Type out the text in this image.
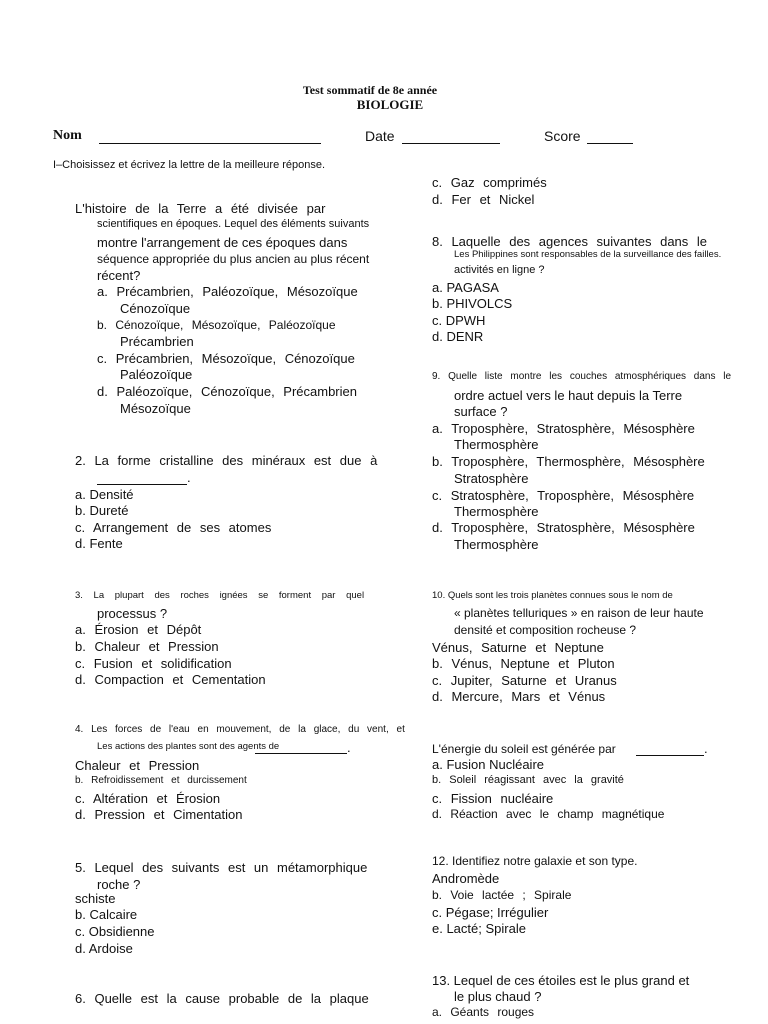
Test sommatif de 8e année
BIOLOGIE
Nom	Date	Score
I–Choisissez et écrivez la lettre de la meilleure réponse.
L'histoire de la Terre a été divisée par
scientifiques en époques. Lequel des éléments suivants
montre l'arrangement de ces époques dans
séquence appropriée du plus ancien au plus récent
récent?
a. Précambrien, Paléozoïque, Mésozoïque
Cénozoïque
b. Cénozoïque, Mésozoïque, Paléozoïque
Précambrien
c. Précambrien, Mésozoïque, Cénozoïque
Paléozoïque
d. Paléozoïque, Cénozoïque, Précambrien
Mésozoïque
2. La forme cristalline des minéraux est due à
.
a. Densité
b. Dureté
c. Arrangement de ses atomes
d. Fente
3. La plupart des roches ignées se forment par quel
processus ?
a. Érosion et Dépôt
b. Chaleur et Pression
c. Fusion et solidification
d. Compaction et Cementation
4. Les forces de l'eau en mouvement, de la glace, du vent, et
Les actions des plantes sont des agents de	.
Chaleur et Pression
b. Refroidissement et durcissement
c. Altération et Érosion
d. Pression et Cimentation
5. Lequel des suivants est un métamorphique
roche ?
schiste
b. Calcaire
c. Obsidienne
d. Ardoise
6. Quelle est la cause probable de la plaque
c. Gaz comprimés
d. Fer et Nickel
8. Laquelle des agences suivantes dans le
Les Philippines sont responsables de la surveillance des failles.
activités en ligne ?
a. PAGASA
b. PHIVOLCS
c. DPWH
d. DENR
9. Quelle liste montre les couches atmosphériques dans le
ordre actuel vers le haut depuis la Terre
surface ?
a. Troposphère, Stratosphère, Mésosphère
Thermosphère
b. Troposphère, Thermosphère, Mésosphère
Stratosphère
c. Stratosphère, Troposphère, Mésosphère
Thermosphère
d. Troposphère, Stratosphère, Mésosphère
Thermosphère
10. Quels sont les trois planètes connues sous le nom de
« planètes telluriques » en raison de leur haute
densité et composition rocheuse ?
Vénus, Saturne et Neptune
b. Vénus, Neptune et Pluton
c. Jupiter, Saturne et Uranus
d. Mercure, Mars et Vénus
L'énergie du soleil est générée par	.
a. Fusion Nucléaire
b. Soleil réagissant avec la gravité
c. Fission nucléaire
d. Réaction avec le champ magnétique
12. Identifiez notre galaxie et son type.
Andromède
b. Voie lactée ; Spirale
c. Pégase; Irrégulier
e. Lacté; Spirale
13. Lequel de ces étoiles est le plus grand et
le plus chaud ?
a. Géants rouges
